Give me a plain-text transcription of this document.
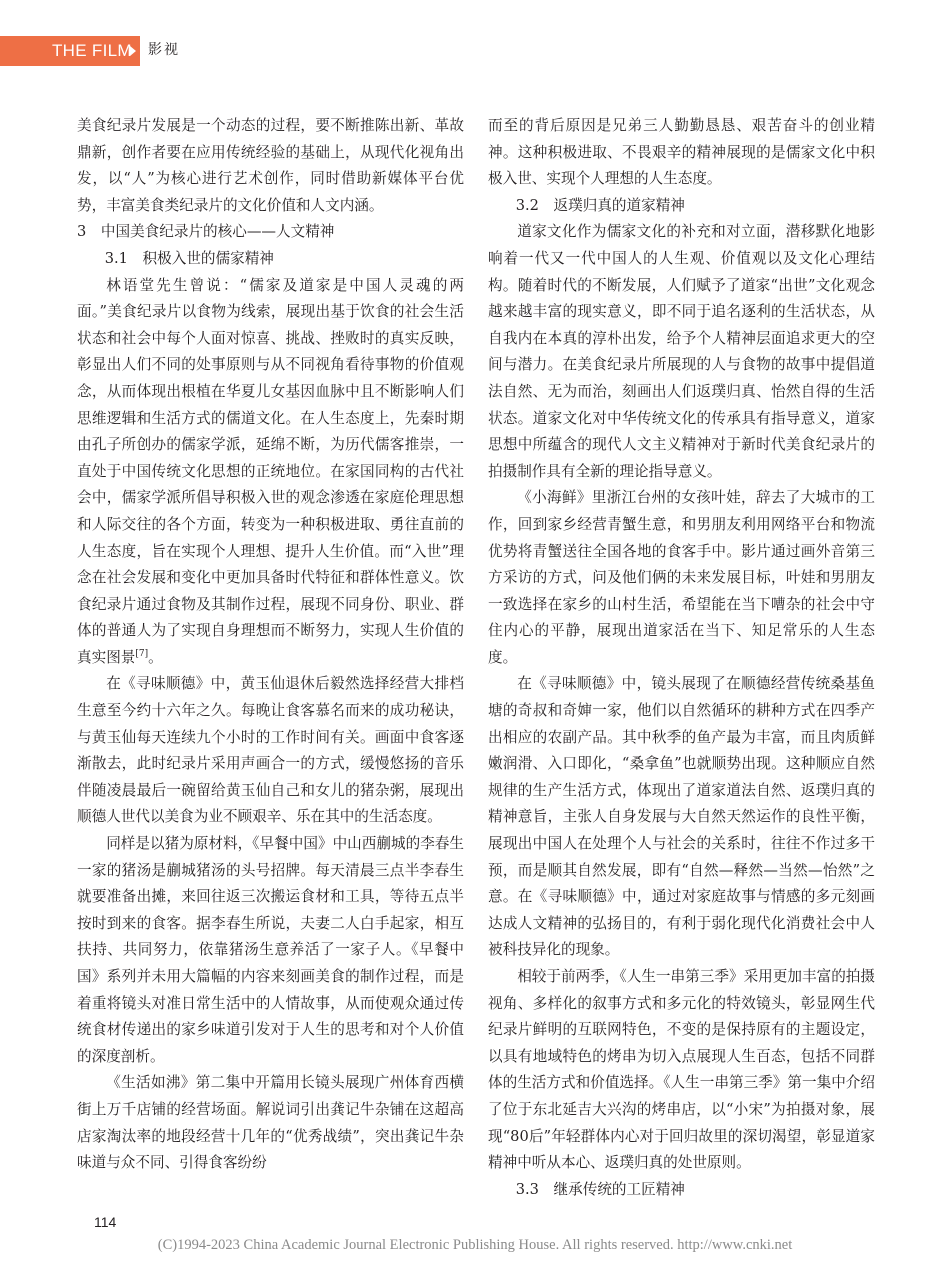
THE FILM	影视

美食纪录片发展是一个动态的过程，要不断推陈出新、革故鼎新，创作者要在应用传统经验的基础上，从现代化视角出发，以“人”为核心进行艺术创作，同时借助新媒体平台优势，丰富美食类纪录片的文化价值和人文内涵。

3　中国美食纪录片的核心——人文精神

3.1　积极入世的儒家精神

林语堂先生曾说：“儒家及道家是中国人灵魂的两面。”美食纪录片以食物为线索，展现出基于饮食的社会生活状态和社会中每个人面对惊喜、挑战、挫败时的真实反映，彰显出人们不同的处事原则与从不同视角看待事物的价值观念，从而体现出根植在华夏儿女基因血脉中且不断影响人们思维逻辑和生活方式的儒道文化。在人生态度上，先秦时期由孔子所创办的儒家学派，延绵不断，为历代儒客推崇，一直处于中国传统文化思想的正统地位。在家国同构的古代社会中，儒家学派所倡导积极入世的观念渗透在家庭伦理思想和人际交往的各个方面，转变为一种积极进取、勇往直前的人生态度，旨在实现个人理想、提升人生价值。而“入世”理念在社会发展和变化中更加具备时代特征和群体性意义。饮食纪录片通过食物及其制作过程，展现不同身份、职业、群体的普通人为了实现自身理想而不断努力，实现人生价值的真实图景[7]。

在《寻味顺德》中，黄玉仙退休后毅然选择经营大排档生意至今约十六年之久。每晚让食客慕名而来的成功秘诀，与黄玉仙每天连续九个小时的工作时间有关。画面中食客逐渐散去，此时纪录片采用声画合一的方式，缓慢悠扬的音乐伴随凌晨最后一碗留给黄玉仙自己和女儿的猪杂粥，展现出顺德人世代以美食为业不顾艰辛、乐在其中的生活态度。

同样是以猪为原材料，《早餐中国》中山西蒯城的李春生一家的猪汤是蒯城猪汤的头号招牌。每天清晨三点半李春生就要准备出摊，来回往返三次搬运食材和工具，等待五点半按时到来的食客。据李春生所说，夫妻二人白手起家，相互扶持、共同努力，依靠猪汤生意养活了一家子人。《早餐中国》系列并未用大篇幅的内容来刻画美食的制作过程，而是着重将镜头对准日常生活中的人情故事，从而使观众通过传统食材传递出的家乡味道引发对于人生的思考和对个人价值的深度剖析。

《生活如沸》第二集中开篇用长镜头展现广州体育西横街上万千店铺的经营场面。解说词引出龚记牛杂铺在这超高店家淘汰率的地段经营十几年的“优秀战绩”，突出龚记牛杂味道与众不同、引得食客纷纷

而至的背后原因是兄弟三人勤勤恳恳、艰苦奋斗的创业精神。这种积极进取、不畏艰辛的精神展现的是儒家文化中积极入世、实现个人理想的人生态度。

3.2　返璞归真的道家精神

道家文化作为儒家文化的补充和对立面，潜移默化地影响着一代又一代中国人的人生观、价值观以及文化心理结构。随着时代的不断发展，人们赋予了道家“出世”文化观念越来越丰富的现实意义，即不同于追名逐利的生活状态，从自我内在本真的淳朴出发，给予个人精神层面追求更大的空间与潜力。在美食纪录片所展现的人与食物的故事中提倡道法自然、无为而治，刻画出人们返璞归真、怡然自得的生活状态。道家文化对中华传统文化的传承具有指导意义，道家思想中所蕴含的现代人文主义精神对于新时代美食纪录片的拍摄制作具有全新的理论指导意义。

《小海鲜》里浙江台州的女孩叶娃，辞去了大城市的工作，回到家乡经营青蟹生意，和男朋友利用网络平台和物流优势将青蟹送往全国各地的食客手中。影片通过画外音第三方采访的方式，问及他们俩的未来发展目标，叶娃和男朋友一致选择在家乡的山村生活，希望能在当下嘈杂的社会中守住内心的平静，展现出道家活在当下、知足常乐的人生态度。

在《寻味顺德》中，镜头展现了在顺德经营传统桑基鱼塘的奇叔和奇婶一家，他们以自然循环的耕种方式在四季产出相应的农副产品。其中秋季的鱼产最为丰富，而且肉质鲜嫩润滑、入口即化，“桑拿鱼”也就顺势出现。这种顺应自然规律的生产生活方式，体现出了道家道法自然、返璞归真的精神意旨，主张人自身发展与大自然天然运作的良性平衡，展现出中国人在处理个人与社会的关系时，往往不作过多干预，而是顺其自然发展，即有“自然—释然—当然—怡然”之意。在《寻味顺德》中，通过对家庭故事与情感的多元刻画达成人文精神的弘扬目的，有利于弱化现代化消费社会中人被科技异化的现象。

相较于前两季，《人生一串第三季》采用更加丰富的拍摄视角、多样化的叙事方式和多元化的特效镜头，彰显网生代纪录片鲜明的互联网特色，不变的是保持原有的主题设定，以具有地域特色的烤串为切入点展现人生百态，包括不同群体的生活方式和价值选择。《人生一串第三季》第一集中介绍了位于东北延吉大兴沟的烤串店，以“小宋”为拍摄对象，展现“80后”年轻群体内心对于回归故里的深切渴望，彰显道家精神中听从本心、返璞归真的处世原则。

3.3　继承传统的工匠精神

114
(C)1994-2023 China Academic Journal Electronic Publishing House. All rights reserved. http://www.cnki.net
